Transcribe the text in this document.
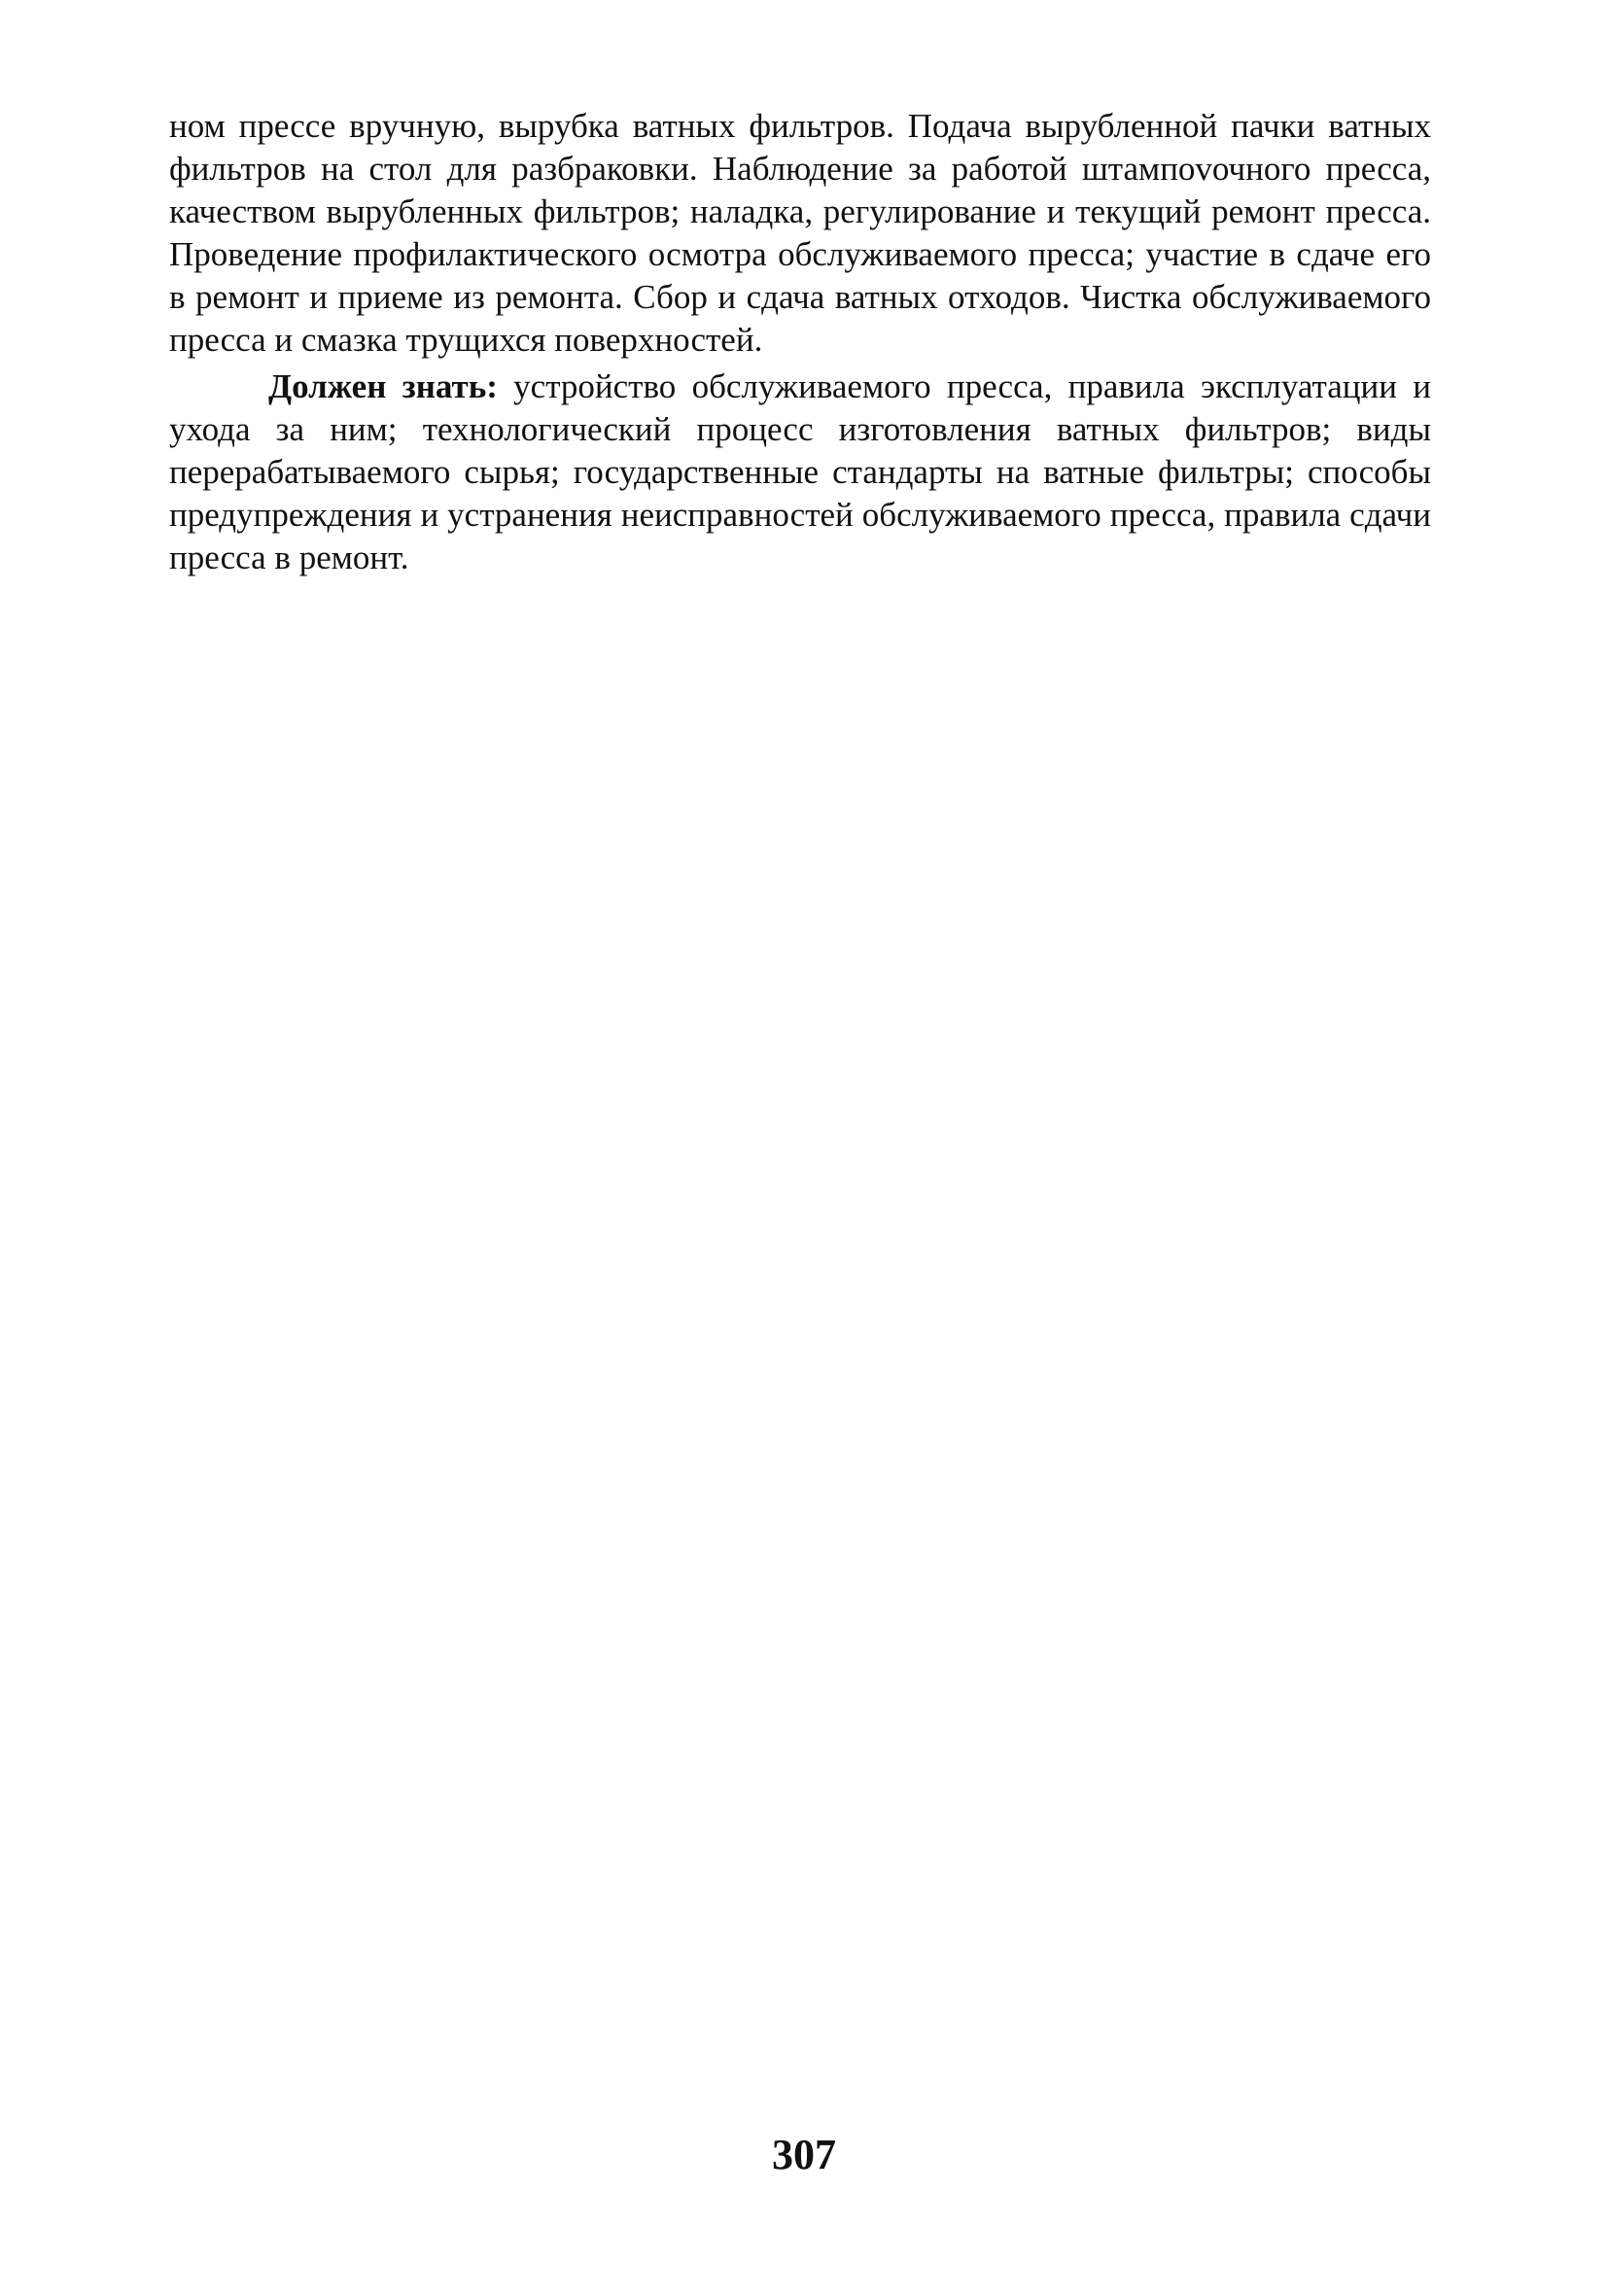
ном прессе вручную, вырубка ватных фильтров. Подача вырубленной пачки ватных фильтров на стол для разбраковки. Наблюдение за работой штампоvочного пресса, качеством вырубленных фильтров; наладка, регулирование и текущий ремонт пресса. Проведение профилактического осмотра обслуживаемого пресса; участие в сдаче его в ремонт и приеме из ремонта. Сбор и сдача ватных отходов. Чистка обслуживаемого пресса и смазка трущихся поверхностей.

Должен знать: устройство обслуживаемого пресса, правила эксплуатации и ухода за ним; технологический процесс изготовления ватных фильтров; виды перерабатываемого сырья; государственные стандарты на ватные фильтры; способы предупреждения и устранения неисправностей обслуживаемого пресса, правила сдачи пресса в ремонт.

307
